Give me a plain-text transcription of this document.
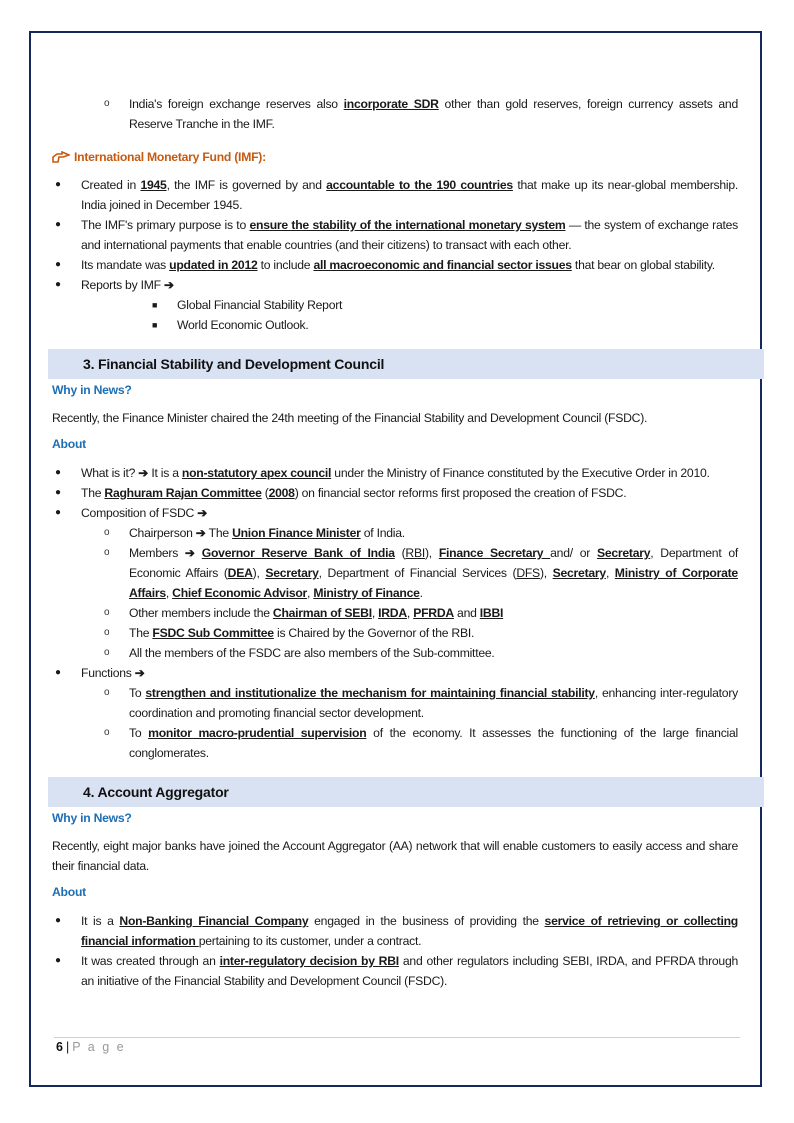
o India's foreign exchange reserves also incorporate SDR other than gold reserves, foreign currency assets and Reserve Tranche in the IMF.

International Monetary Fund (IMF):

● Created in 1945, the IMF is governed by and accountable to the 190 countries that make up its near-global membership. India joined in December 1945.

● The IMF's primary purpose is to ensure the stability of the international monetary system — the system of exchange rates and international payments that enable countries (and their citizens) to transact with each other.

● Its mandate was updated in 2012 to include all macroeconomic and financial sector issues that bear on global stability.

● Reports by IMF ➔

■ Global Financial Stability Report

■ World Economic Outlook.

3. Financial Stability and Development Council

Why in News?

Recently, the Finance Minister chaired the 24th meeting of the Financial Stability and Development Council (FSDC).

About

● What is it? ➔ It is a non-statutory apex council under the Ministry of Finance constituted by the Executive Order in 2010.

● The Raghuram Rajan Committee (2008) on financial sector reforms first proposed the creation of FSDC.

● Composition of FSDC ➔

o Chairperson ➔ The Union Finance Minister of India.

o Members ➔ Governor Reserve Bank of India (RBI), Finance Secretary and/ or Secretary, Department of Economic Affairs (DEA), Secretary, Department of Financial Services (DFS), Secretary, Ministry of Corporate Affairs, Chief Economic Advisor, Ministry of Finance.

o Other members include the Chairman of SEBI, IRDA, PFRDA and IBBI

o The FSDC Sub Committee is Chaired by the Governor of the RBI.

o All the members of the FSDC are also members of the Sub-committee.

● Functions ➔

o To strengthen and institutionalize the mechanism for maintaining financial stability, enhancing inter-regulatory coordination and promoting financial sector development.

o To monitor macro-prudential supervision of the economy. It assesses the functioning of the large financial conglomerates.

4. Account Aggregator

Why in News?

Recently, eight major banks have joined the Account Aggregator (AA) network that will enable customers to easily access and share their financial data.

About

● It is a Non-Banking Financial Company engaged in the business of providing the service of retrieving or collecting financial information pertaining to its customer, under a contract.

● It was created through an inter-regulatory decision by RBI and other regulators including SEBI, IRDA, and PFRDA through an initiative of the Financial Stability and Development Council (FSDC).

6 | P a g e
